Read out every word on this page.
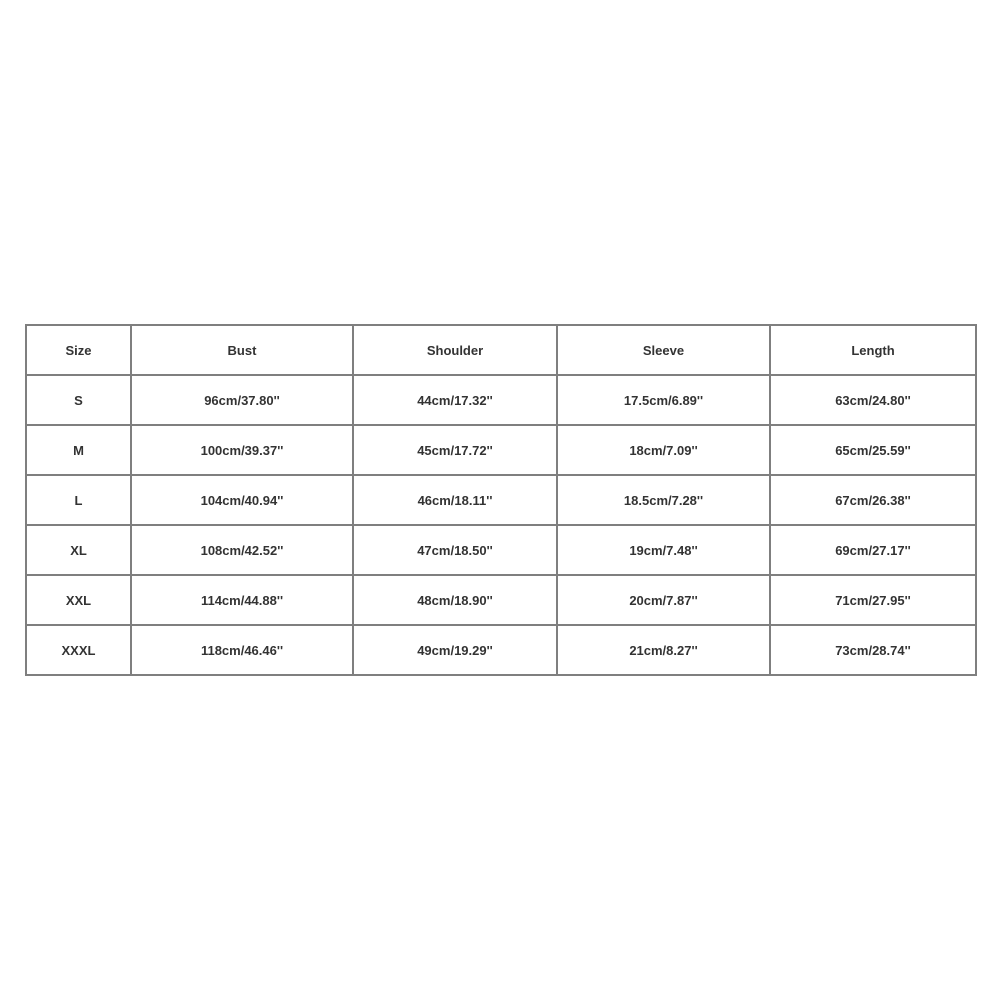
Size	Bust	Shoulder	Sleeve	Length
S	96cm/37.80''	44cm/17.32''	17.5cm/6.89''	63cm/24.80''
M	100cm/39.37''	45cm/17.72''	18cm/7.09''	65cm/25.59''
L	104cm/40.94''	46cm/18.11''	18.5cm/7.28''	67cm/26.38''
XL	108cm/42.52''	47cm/18.50''	19cm/7.48''	69cm/27.17''
XXL	114cm/44.88''	48cm/18.90''	20cm/7.87''	71cm/27.95''
XXXL	118cm/46.46''	49cm/19.29''	21cm/8.27''	73cm/28.74''
